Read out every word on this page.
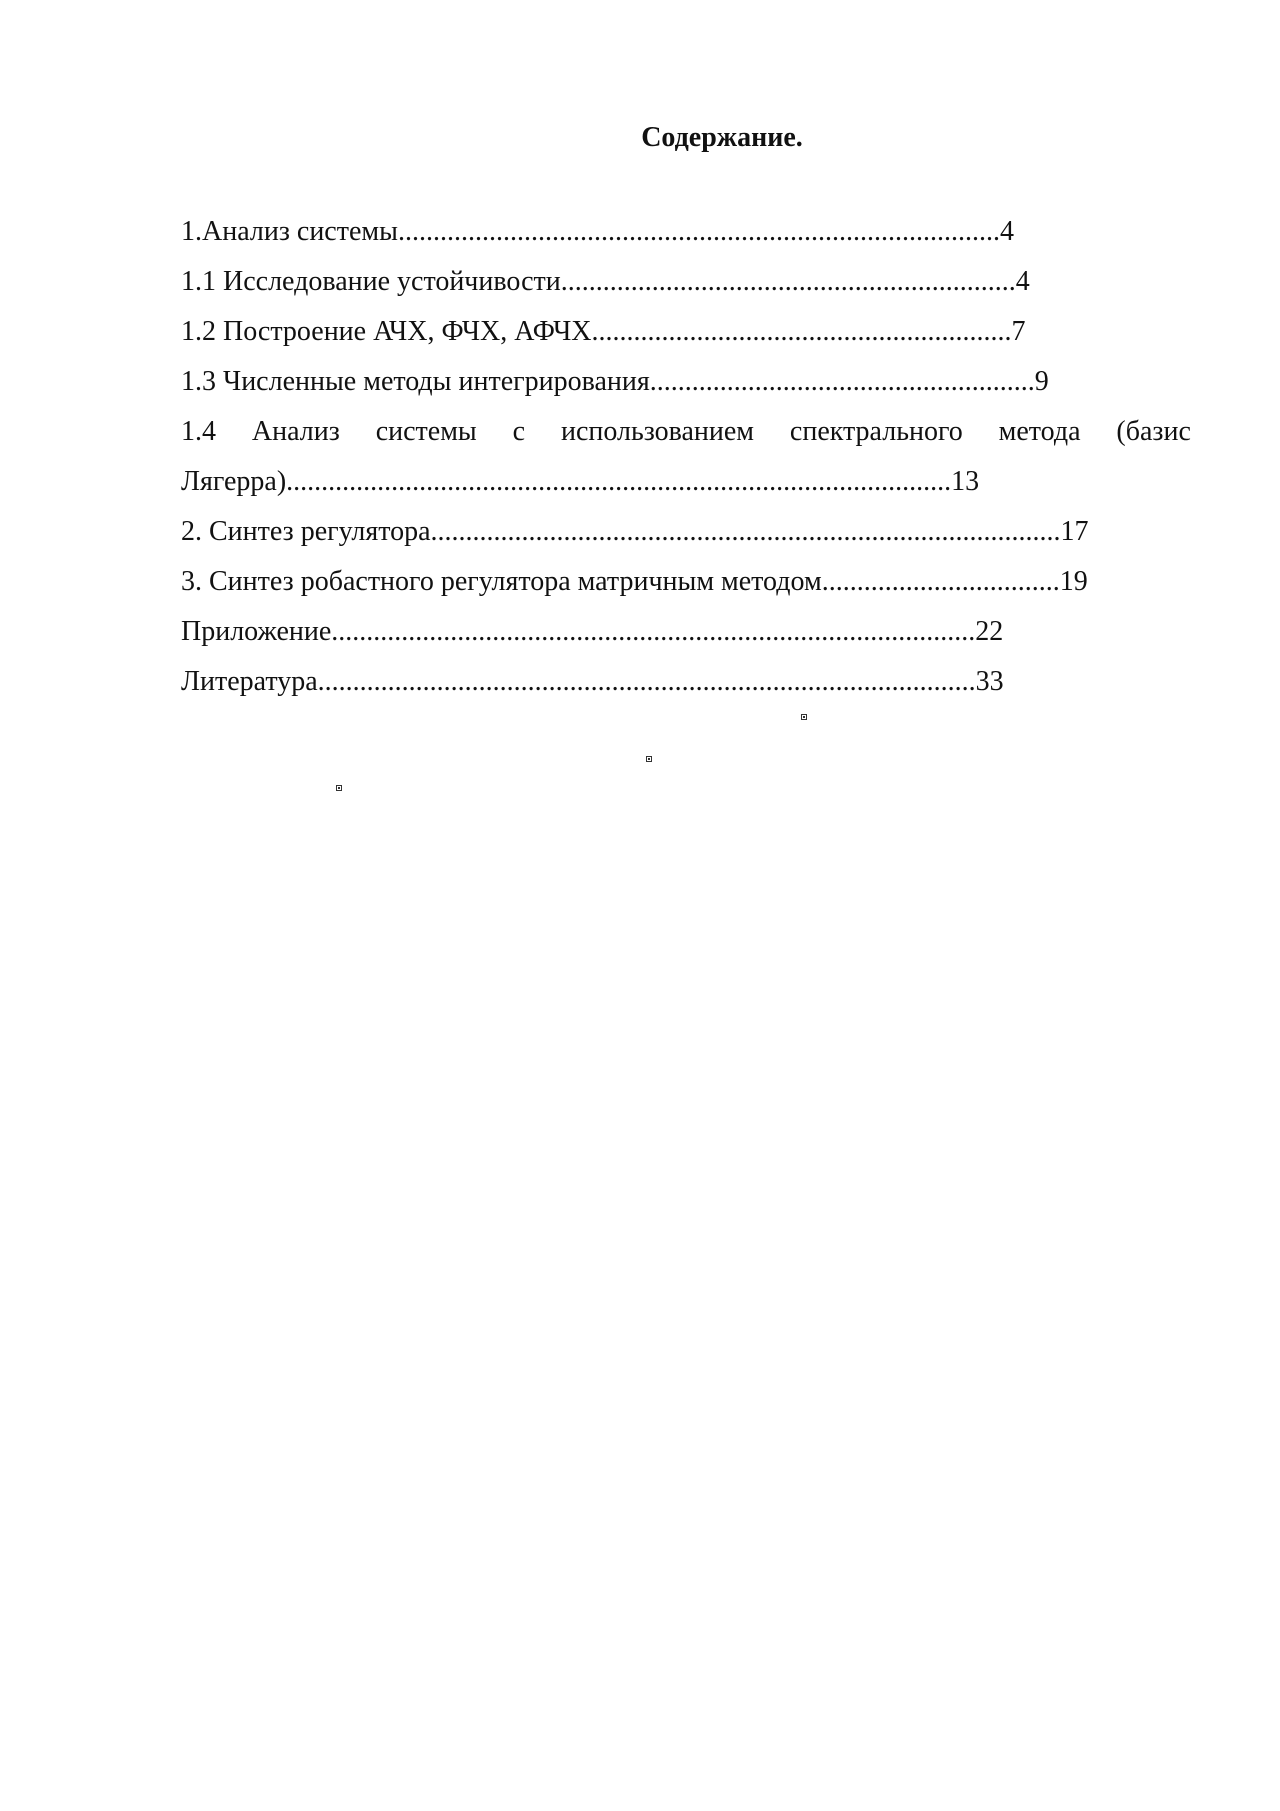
Содержание.
1.Анализ системы......................................................................................4
1.1 Исследование устойчивости.................................................................4
1.2 Построение АЧХ, ФЧХ, АФЧХ............................................................7
1.3 Численные методы интегрирования.......................................................9
1.4 Анализ системы с использованием спектрального метода (базис
Лягерра)...............................................................................................13
2. Синтез регулятора..........................................................................................17
3. Синтез робастного регулятора матричным методом..................................19
Приложение............................................................................................22
Литература..............................................................................................33
